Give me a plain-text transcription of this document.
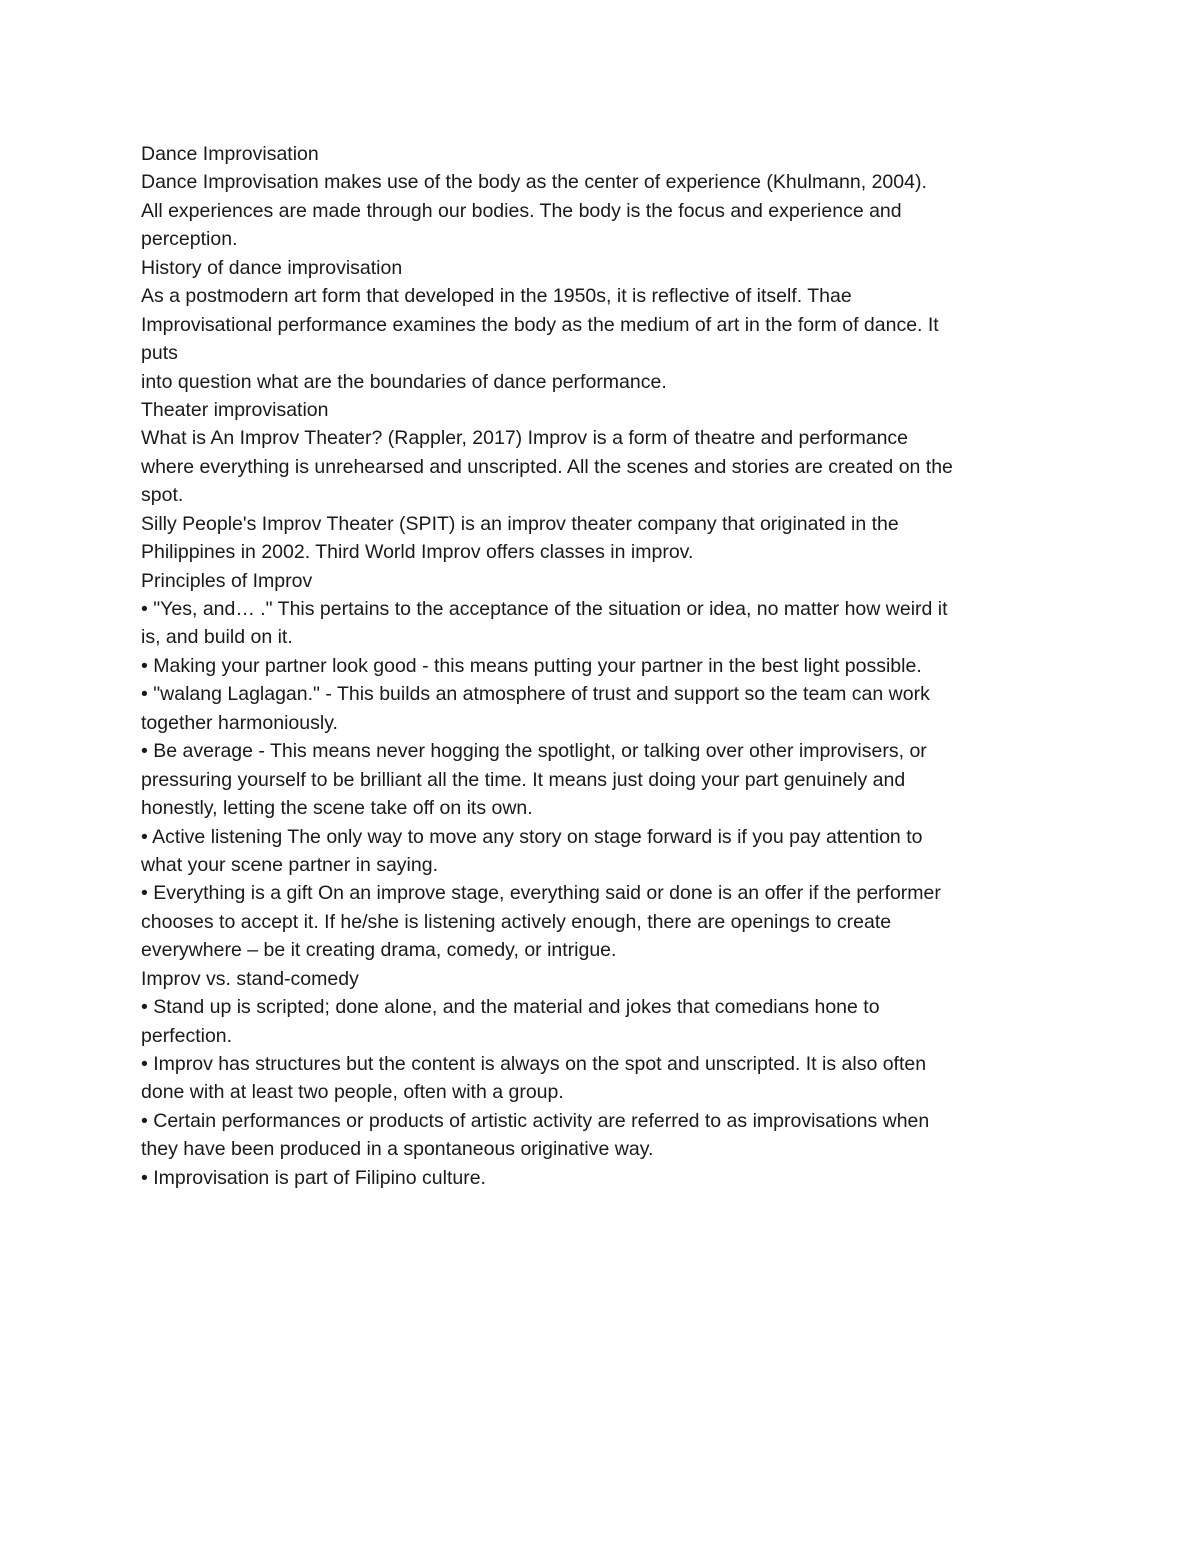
Dance Improvisation
Dance Improvisation makes use of the body as the center of experience (Khulmann, 2004).
All experiences are made through our bodies. The body is the focus and experience and
perception.
History of dance improvisation
As a postmodern art form that developed in the 1950s, it is reflective of itself. Thae
Improvisational performance examines the body as the medium of art in the form of dance. It
puts
into question what are the boundaries of dance performance.
Theater improvisation
What is An Improv Theater? (Rappler, 2017) Improv is a form of theatre and performance
where everything is unrehearsed and unscripted. All the scenes and stories are created on the
spot.
Silly People's Improv Theater (SPIT) is an improv theater company that originated in the
Philippines in 2002. Third World Improv offers classes in improv.
Principles of Improv
• "Yes, and… ." This pertains to the acceptance of the situation or idea, no matter how weird it
is, and build on it.
• Making your partner look good - this means putting your partner in the best light possible.
• "walang Laglagan." - This builds an atmosphere of trust and support so the team can work
together harmoniously.
• Be average - This means never hogging the spotlight, or talking over other improvisers, or
pressuring yourself to be brilliant all the time. It means just doing your part genuinely and
honestly, letting the scene take off on its own.
• Active listening The only way to move any story on stage forward is if you pay attention to
what your scene partner in saying.
• Everything is a gift On an improve stage, everything said or done is an offer if the performer
chooses to accept it. If he/she is listening actively enough, there are openings to create
everywhere – be it creating drama, comedy, or intrigue.
Improv vs. stand-comedy
• Stand up is scripted; done alone, and the material and jokes that comedians hone to
perfection.
• Improv has structures but the content is always on the spot and unscripted. It is also often
done with at least two people, often with a group.
• Certain performances or products of artistic activity are referred to as improvisations when
they have been produced in a spontaneous originative way.
• Improvisation is part of Filipino culture.
